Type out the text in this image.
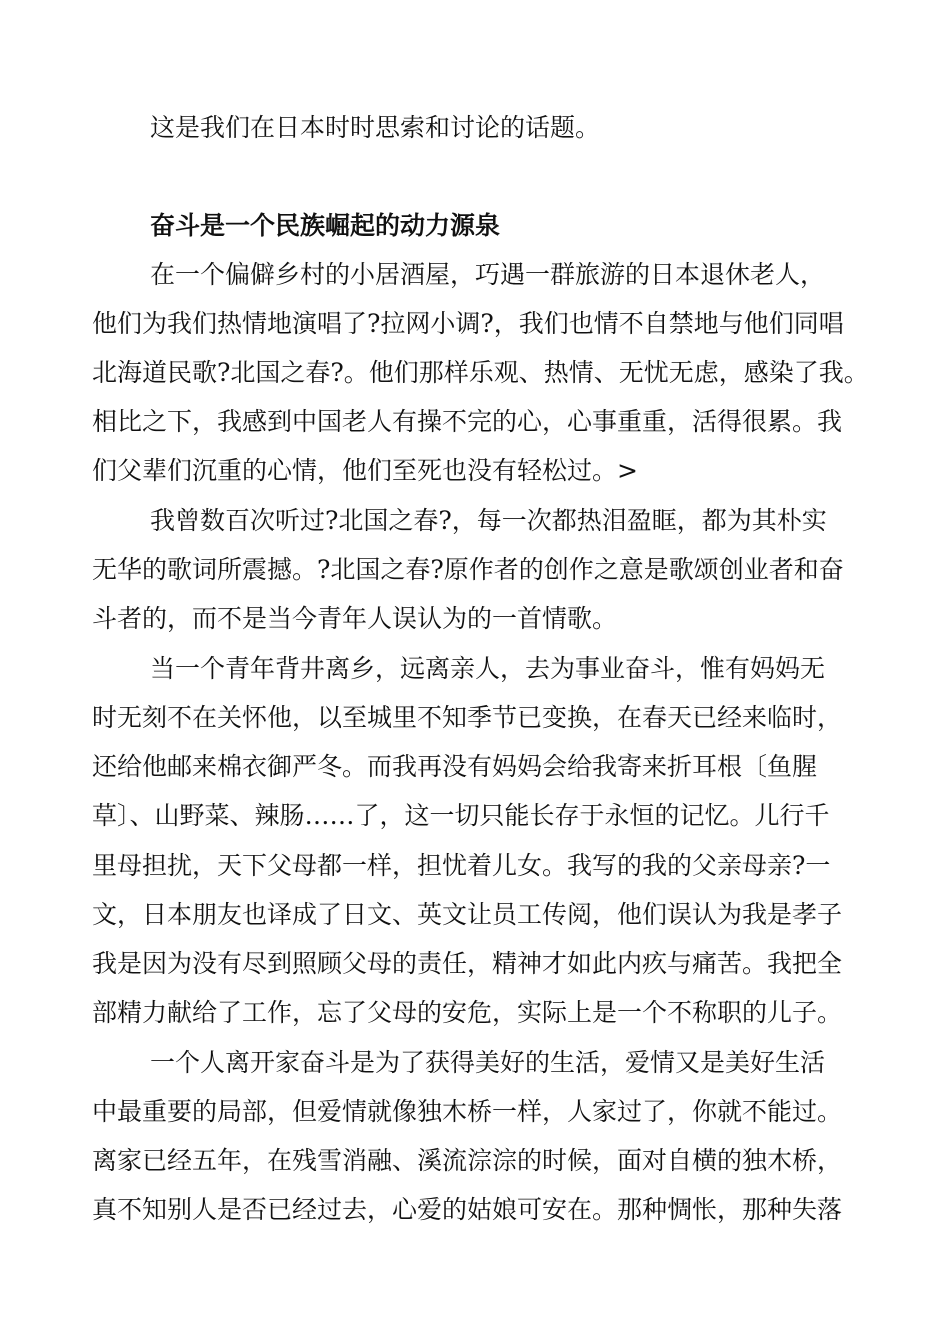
这是我们在日本时时思索和讨论的话题。

奋斗是一个民族崛起的动力源泉

在一个偏僻乡村的小居酒屋，巧遇一群旅游的日本退休老人，

他们为我们热情地演唱了?拉网小调?，我们也情不自禁地与他们同唱

北海道民歌?北国之春?。他们那样乐观、热情、无忧无虑，感染了我。

相比之下，我感到中国老人有操不完的心，心事重重，活得很累。我

们父辈们沉重的心情，他们至死也没有轻松过。>

我曾数百次听过?北国之春?，每一次都热泪盈眶，都为其朴实

无华的歌词所震撼。?北国之春?原作者的创作之意是歌颂创业者和奋

斗者的，而不是当今青年人误认为的一首情歌。

当一个青年背井离乡，远离亲人，去为事业奋斗，惟有妈妈无

时无刻不在关怀他，以至城里不知季节已变换，在春天已经来临时，

还给他邮来棉衣御严冬。而我再没有妈妈会给我寄来折耳根〔鱼腥

草〕、山野菜、辣肠……了，这一切只能长存于永恒的记忆。儿行千

里母担扰，天下父母都一样，担忧着儿女。我写的我的父亲母亲?一

文，日本朋友也译成了日文、英文让员工传阅，他们误认为我是孝子

我是因为没有尽到照顾父母的责任，精神才如此内疚与痛苦。我把全

部精力献给了工作，忘了父母的安危，实际上是一个不称职的儿子。

一个人离开家奋斗是为了获得美好的生活，爱情又是美好生活

中最重要的局部，但爱情就像独木桥一样，人家过了，你就不能过。

离家已经五年，在残雪消融、溪流淙淙的时候，面对自横的独木桥，

真不知别人是否已经过去，心爱的姑娘可安在。那种惆怅，那种失落
